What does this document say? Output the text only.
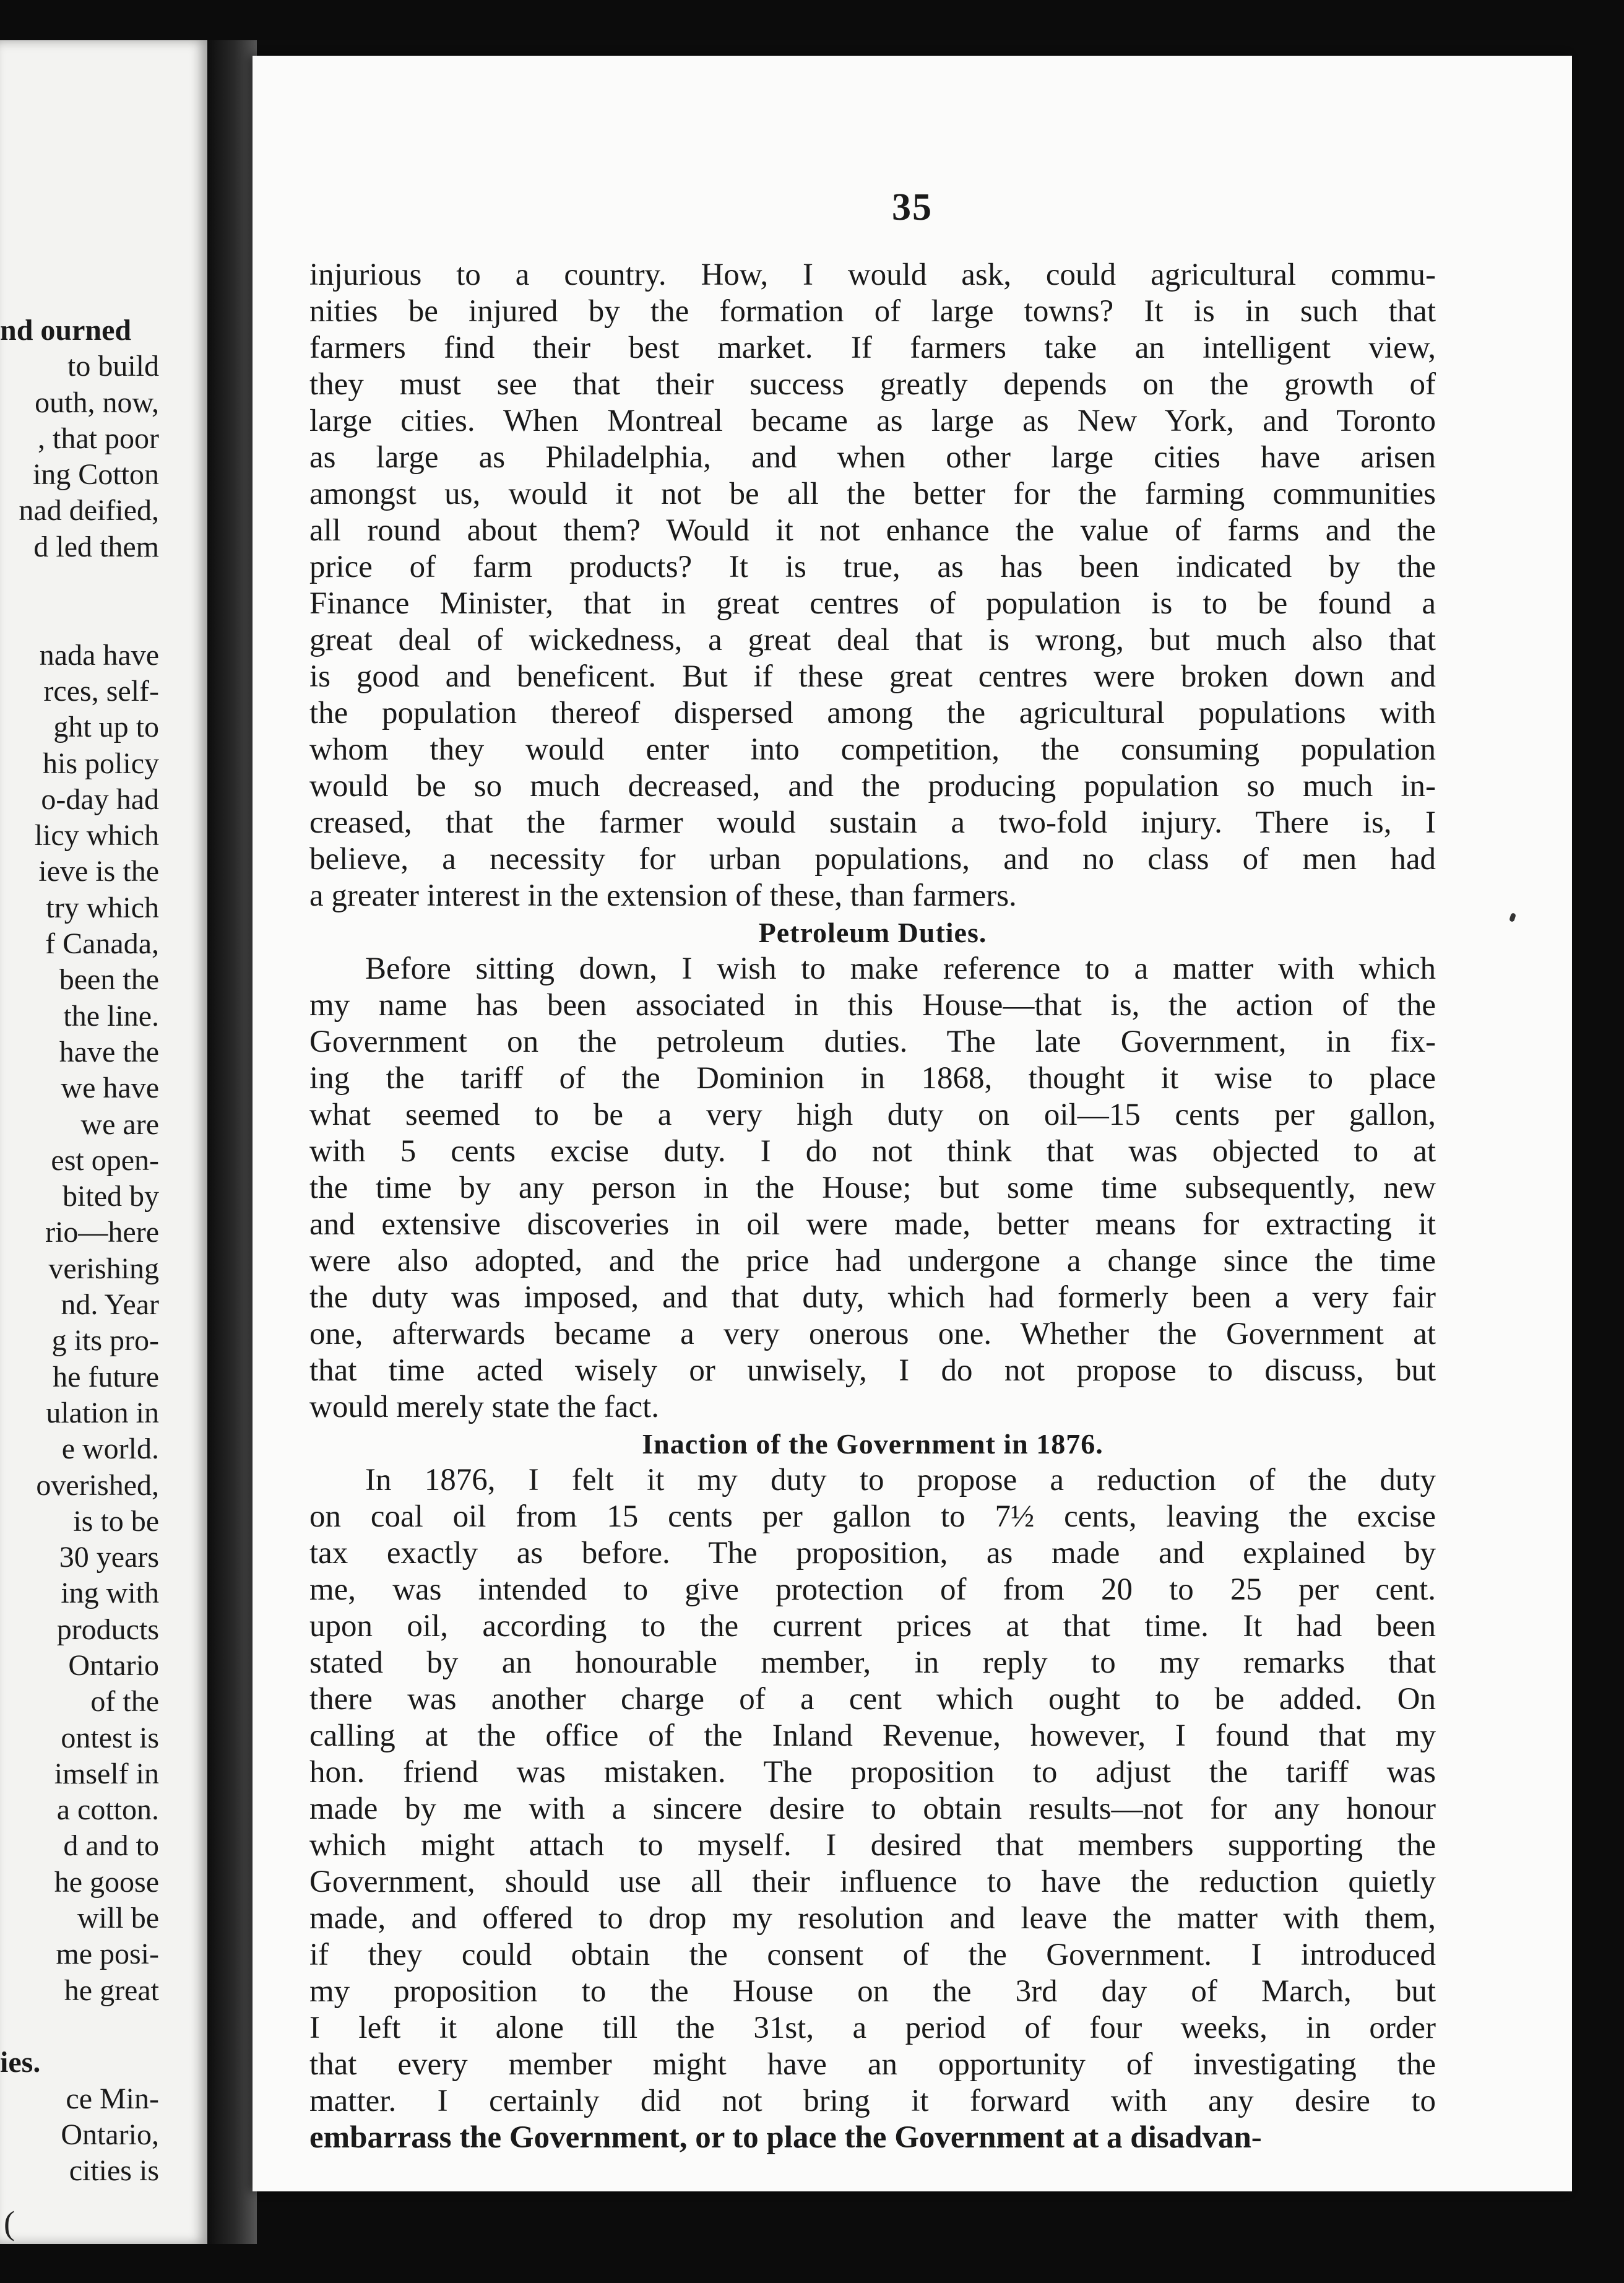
nd ourned
to build
outh, now,
, that poor
ing Cotton
nad deified,
d led them

nada have
rces, self-
ght up to
his policy
o-day had
licy which
ieve is the
try which
f Canada,
been the
the line.
have the
we have
we are
est open-
bited by
rio—here
verishing
nd. Year
g its pro-
he future
ulation in
e world.
overished,
is to be
30 years
ing with
products
Ontario
of the
ontest is
imself in
a cotton.
d and to
he goose
will be
me posi-
he great

ies.
ce Min-
Ontario,
cities is
(
35
injurious to a country. How, I would ask, could agricultural commu-
nities be injured by the formation of large towns? It is in such that
farmers find their best market. If farmers take an intelligent view,
they must see that their success greatly depends on the growth of
large cities. When Montreal became as large as New York, and Toronto
as large as Philadelphia, and when other large cities have arisen
amongst us, would it not be all the better for the farming communities
all round about them? Would it not enhance the value of farms and the
price of farm products? It is true, as has been indicated by the
Finance Minister, that in great centres of population is to be found a
great deal of wickedness, a great deal that is wrong, but much also that
is good and beneficent. But if these great centres were broken down and
the population thereof dispersed among the agricultural populations with
whom they would enter into competition, the consuming population
would be so much decreased, and the producing population so much in-
creased, that the farmer would sustain a two-fold injury. There is, I
believe, a necessity for urban populations, and no class of men had
a greater interest in the extension of these, than farmers.
Petroleum Duties.
Before sitting down, I wish to make reference to a matter with which
my name has been associated in this House—that is, the action of the
Government on the petroleum duties. The late Government, in fix-
ing the tariff of the Dominion in 1868, thought it wise to place
what seemed to be a very high duty on oil—15 cents per gallon,
with 5 cents excise duty. I do not think that was objected to at
the time by any person in the House; but some time subsequently, new
and extensive discoveries in oil were made, better means for extracting it
were also adopted, and the price had undergone a change since the time
the duty was imposed, and that duty, which had formerly been a very fair
one, afterwards became a very onerous one. Whether the Government at
that time acted wisely or unwisely, I do not propose to discuss, but
would merely state the fact.
Inaction of the Government in 1876.
In 1876, I felt it my duty to propose a reduction of the duty
on coal oil from 15 cents per gallon to 7½ cents, leaving the excise
tax exactly as before. The proposition, as made and explained by
me, was intended to give protection of from 20 to 25 per cent.
upon oil, according to the current prices at that time. It had been
stated by an honourable member, in reply to my remarks that
there was another charge of a cent which ought to be added. On
calling at the office of the Inland Revenue, however, I found that my
hon. friend was mistaken. The proposition to adjust the tariff was
made by me with a sincere desire to obtain results—not for any honour
which might attach to myself. I desired that members supporting the
Government, should use all their influence to have the reduction quietly
made, and offered to drop my resolution and leave the matter with them,
if they could obtain the consent of the Government. I introduced
my proposition to the House on the 3rd day of March, but
I left it alone till the 31st, a period of four weeks, in order
that every member might have an opportunity of investigating the
matter. I certainly did not bring it forward with any desire to
embarrass the Government, or to place the Government at a disadvan-
